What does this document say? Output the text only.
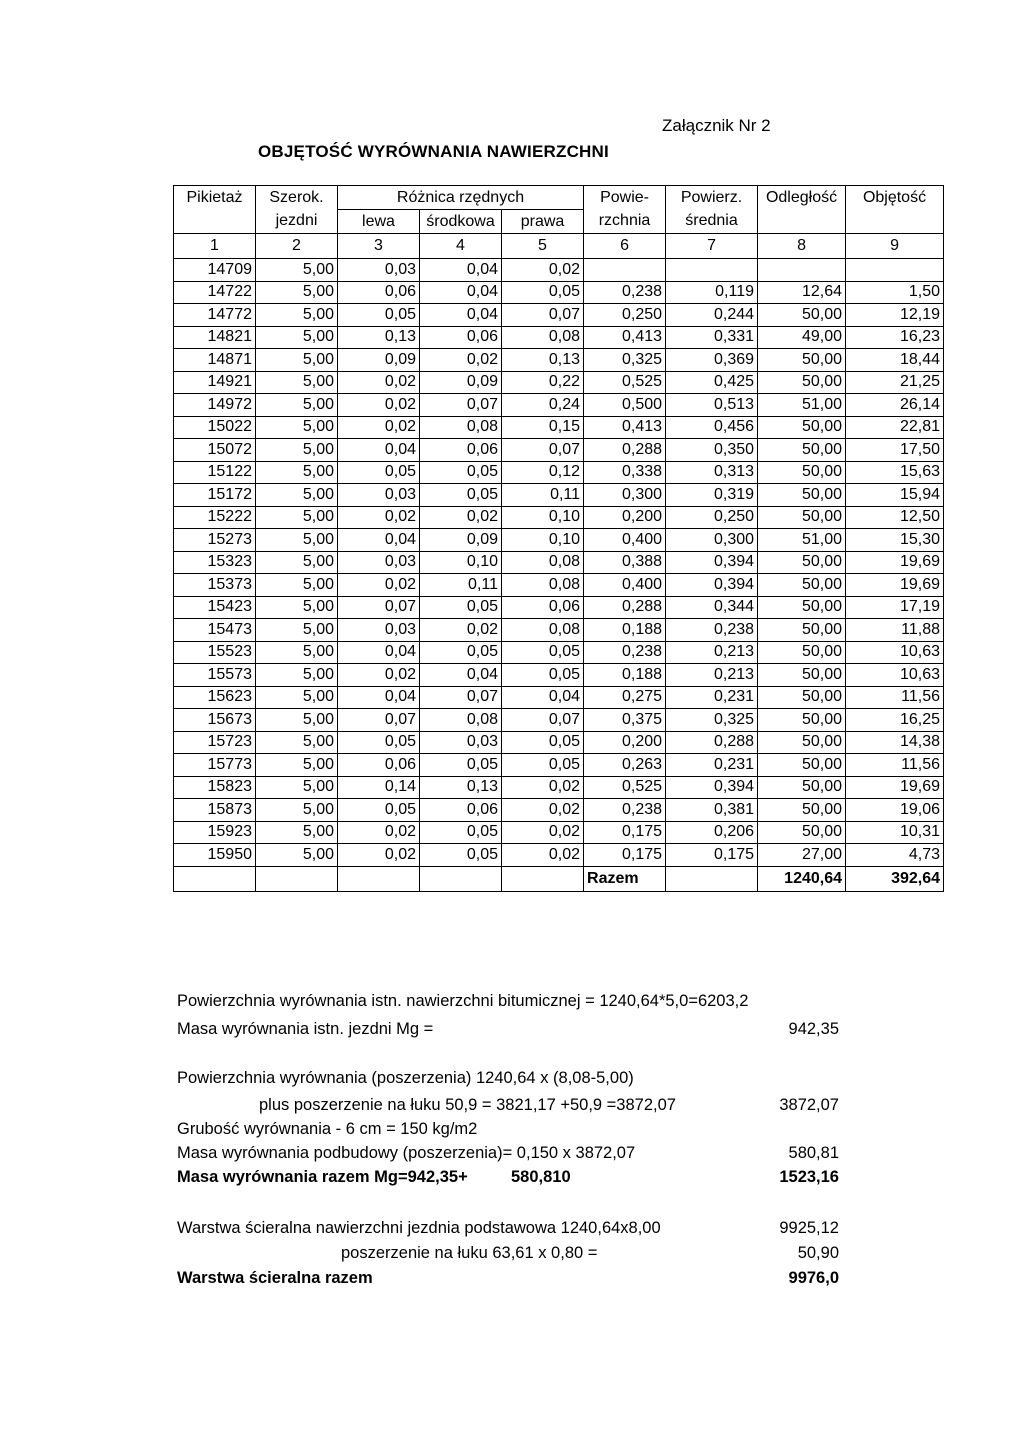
Załącznik Nr 2
OBJĘTOŚĆ WYRÓWNANIA NAWIERZCHNI
Pikietaż	Szerok.	Różnica rzędnych			Powie-	Powierz.	Odległość	Objętość
	jezdni	lewa	środkowa	prawa	rzchnia	średnia		
1	2	3	4	5	6	7	8	9
14709	5,00	0,03	0,04	0,02				
14722	5,00	0,06	0,04	0,05	0,238	0,119	12,64	1,50
14772	5,00	0,05	0,04	0,07	0,250	0,244	50,00	12,19
14821	5,00	0,13	0,06	0,08	0,413	0,331	49,00	16,23
14871	5,00	0,09	0,02	0,13	0,325	0,369	50,00	18,44
14921	5,00	0,02	0,09	0,22	0,525	0,425	50,00	21,25
14972	5,00	0,02	0,07	0,24	0,500	0,513	51,00	26,14
15022	5,00	0,02	0,08	0,15	0,413	0,456	50,00	22,81
15072	5,00	0,04	0,06	0,07	0,288	0,350	50,00	17,50
15122	5,00	0,05	0,05	0,12	0,338	0,313	50,00	15,63
15172	5,00	0,03	0,05	0,11	0,300	0,319	50,00	15,94
15222	5,00	0,02	0,02	0,10	0,200	0,250	50,00	12,50
15273	5,00	0,04	0,09	0,10	0,400	0,300	51,00	15,30
15323	5,00	0,03	0,10	0,08	0,388	0,394	50,00	19,69
15373	5,00	0,02	0,11	0,08	0,400	0,394	50,00	19,69
15423	5,00	0,07	0,05	0,06	0,288	0,344	50,00	17,19
15473	5,00	0,03	0,02	0,08	0,188	0,238	50,00	11,88
15523	5,00	0,04	0,05	0,05	0,238	0,213	50,00	10,63
15573	5,00	0,02	0,04	0,05	0,188	0,213	50,00	10,63
15623	5,00	0,04	0,07	0,04	0,275	0,231	50,00	11,56
15673	5,00	0,07	0,08	0,07	0,375	0,325	50,00	16,25
15723	5,00	0,05	0,03	0,05	0,200	0,288	50,00	14,38
15773	5,00	0,06	0,05	0,05	0,263	0,231	50,00	11,56
15823	5,00	0,14	0,13	0,02	0,525	0,394	50,00	19,69
15873	5,00	0,05	0,06	0,02	0,238	0,381	50,00	19,06
15923	5,00	0,02	0,05	0,02	0,175	0,206	50,00	10,31
15950	5,00	0,02	0,05	0,02	0,175	0,175	27,00	4,73
					Razem		1240,64	392,64
Powierzchnia wyrównania istn. nawierzchni bitumicznej = 1240,64*5,0=6203,2
Masa wyrównania istn. jezdni Mg =	942,35
Powierzchnia wyrównania (poszerzenia) 1240,64 x (8,08-5,00)
plus poszerzenie na łuku 50,9 = 3821,17 +50,9 =3872,07	3872,07
Grubość wyrównania - 6 cm = 150 kg/m2
Masa wyrównania podbudowy (poszerzenia)= 0,150 x 3872,07	580,81
Masa wyrównania razem Mg=942,35+	580,810	1523,16
Warstwa ścieralna nawierzchni jezdnia podstawowa 1240,64x8,00	9925,12
poszerzenie na łuku 63,61 x 0,80 =	50,90
Warstwa ścieralna razem	9976,0
